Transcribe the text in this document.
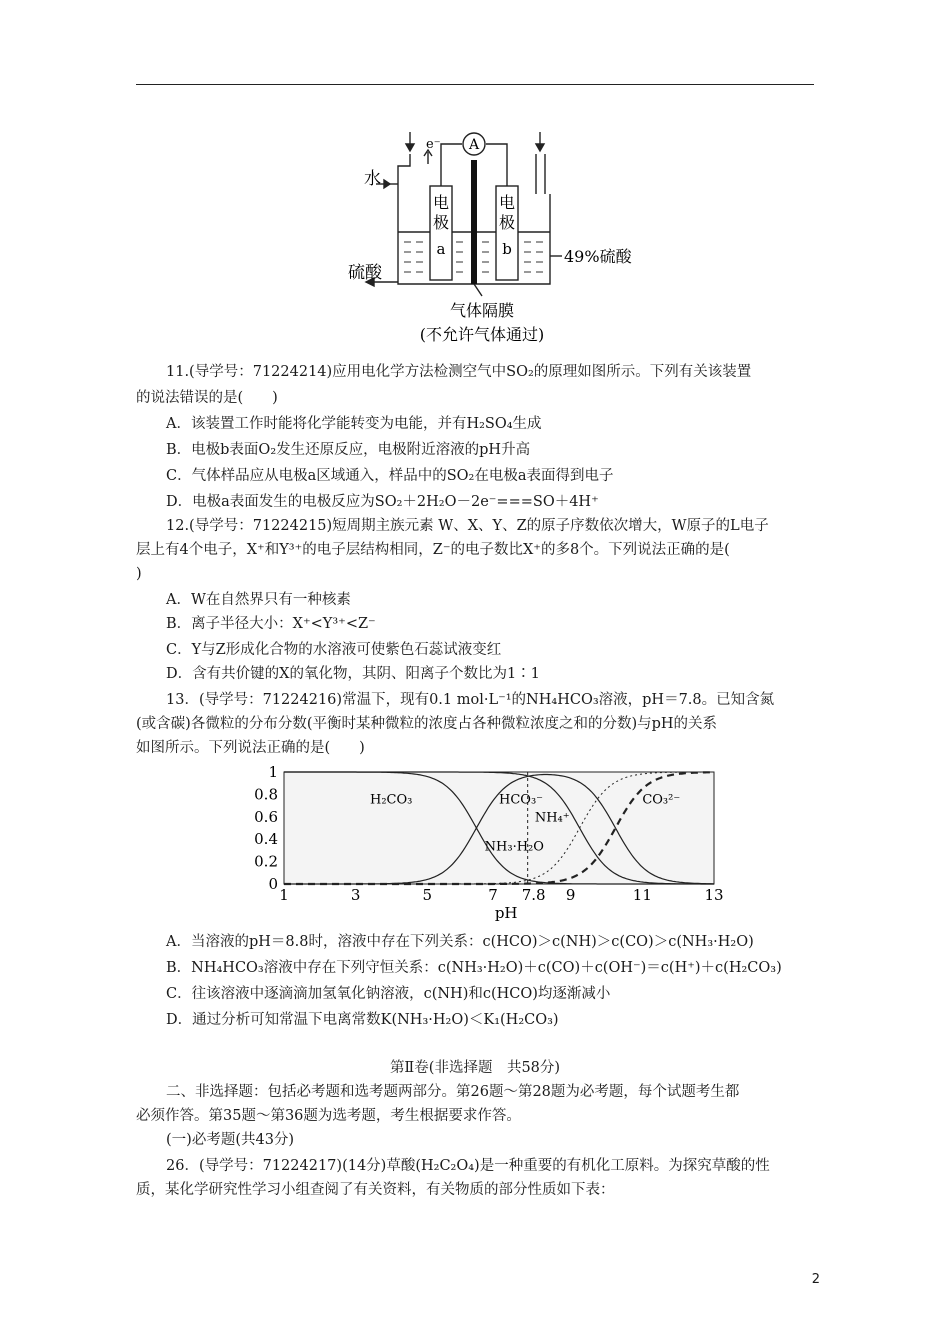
e⁻ A
水
硫酸
电
极
a
电
极
b	49%硫酸
气体隔膜
(不允许气体通过)
11.(导学号：71224214)应用电化学方法检测空气中SO₂的原理如图所示。下列有关该装置
的说法错误的是(　　)
A．该装置工作时能将化学能转变为电能，并有H₂SO₄生成
B．电极b表面O₂发生还原反应，电极附近溶液的pH升高
C．气体样品应从电极a区域通入，样品中的SO₂在电极a表面得到电子
D．电极a表面发生的电极反应为SO₂＋2H₂O－2e⁻===SO＋4H⁺
12.(导学号：71224215)短周期主族元素 W、X、Y、Z的原子序数依次增大，W原子的L电子
层上有4个电子，X⁺和Y³⁺的电子层结构相同，Z⁻的电子数比X⁺的多8个。下列说法正确的是(
)
A．W在自然界只有一种核素
B．离子半径大小：X⁺<Y³⁺<Z⁻
C．Y与Z形成化合物的水溶液可使紫色石蕊试液变红
D．含有共价键的X的氧化物，其阴、阳离子个数比为1∶1
13．(导学号：71224216)常温下，现有0.1 mol·L⁻¹的NH₄HCO₃溶液，pH＝7.8。已知含氮
(或含碳)各微粒的分布分数(平衡时某种微粒的浓度占各种微粒浓度之和的分数)与pH的关系
如图所示。下列说法正确的是(　　)
0
0.2
0.4
0.6
0.8
1
1	3	5	7 7.8 9	11	13
pH
H₂CO₃	HCO₃⁻
NH₄⁺
NH₃·H₂O
CO₃²⁻
A．当溶液的pH＝8.8时，溶液中存在下列关系：c(HCO)＞c(NH)＞c(CO)＞c(NH₃·H₂O)
B．NH₄HCO₃溶液中存在下列守恒关系：c(NH₃·H₂O)＋c(CO)＋c(OH⁻)＝c(H⁺)＋c(H₂CO₃)
C．往该溶液中逐滴滴加氢氧化钠溶液，c(NH)和c(HCO)均逐渐减小
D．通过分析可知常温下电离常数K(NH₃·H₂O)＜K₁(H₂CO₃)
第Ⅱ卷(非选择题　共58分)
二、非选择题：包括必考题和选考题两部分。第26题～第28题为必考题，每个试题考生都
必须作答。第35题～第36题为选考题，考生根据要求作答。
(一)必考题(共43分)
26．(导学号：71224217)(14分)草酸(H₂C₂O₄)是一种重要的有机化工原料。为探究草酸的性
质，某化学研究性学习小组查阅了有关资料，有关物质的部分性质如下表：
2
